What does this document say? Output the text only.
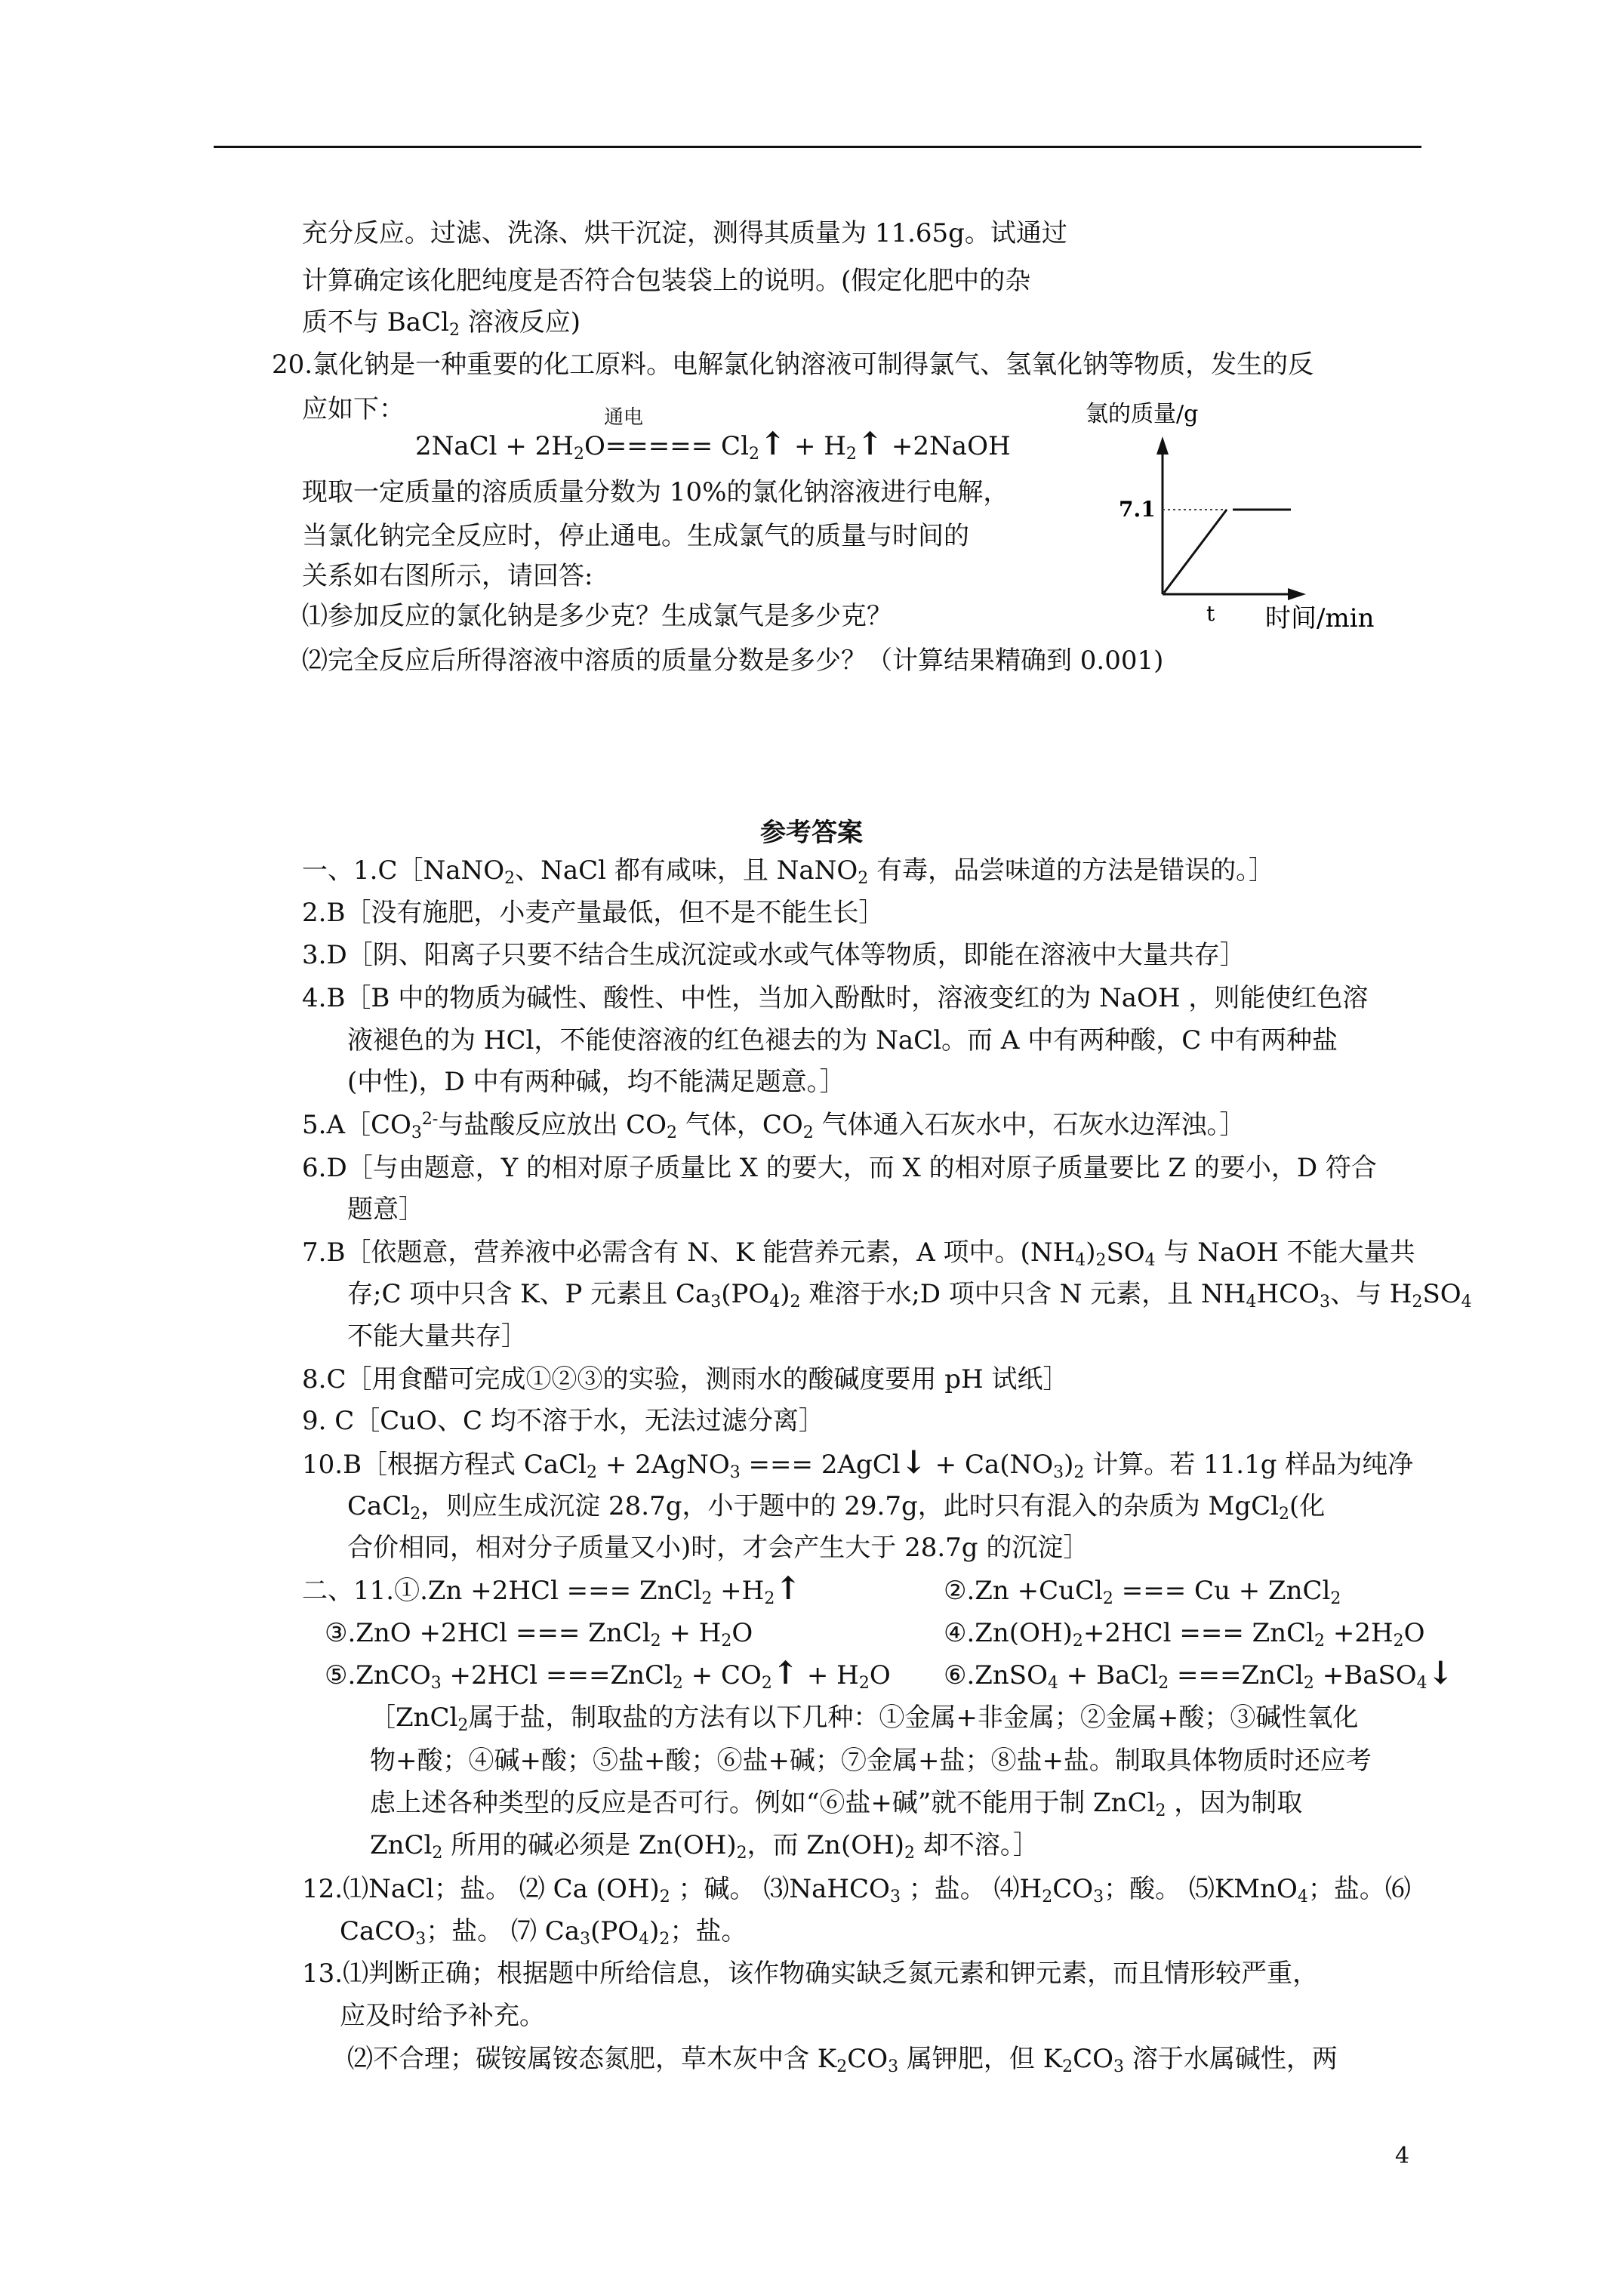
充分反应。过滤、洗涤、烘干沉淀，测得其质量为 11.65g。试通过
计算确定该化肥纯度是否符合包装袋上的说明。(假定化肥中的杂
质不与 BaCl$_2$ 溶液反应)
20.氯化钠是一种重要的化工原料。电解氯化钠溶液可制得氯气、氢氧化钠等物质，发生的反
应如下：	通电
2NaCl + $2H_2O=====$ $Cl_2↑$ + $H_2↑$ +2NaOH
现取一定质量的溶质质量分数为 10%的氯化钠溶液进行电解，
当氯化钠完全反应时，停止通电。生成氯气的质量与时间的
关系如右图所示，请回答:
⑴参加反应的氯化钠是多少克？生成氯气是多少克？
⑵完全反应后所得溶液中溶质的质量分数是多少？（计算结果精确到 0.001)
氯的质量/g
7.1
t 时间/min
参考答案
一、1.C［NaNO$_2$、NaCl 都有咸味，且 NaNO$_2$ 有毒，品尝味道的方法是错误的。］
2.B［没有施肥，小麦产量最低，但不是不能生长］
3.D［阴、阳离子只要不结合生成沉淀或水或气体等物质，即能在溶液中大量共存］
4.B［B 中的物质为碱性、酸性、中性，当加入酚酞时，溶液变红的为 NaOH ，则能使红色溶
液褪色的为 HCl，不能使溶液的红色褪去的为 NaCl。而 A 中有两种酸，C 中有两种盐
(中性)，D 中有两种碱，均不能满足题意。］
$5.A[CO_3^{2-}$与盐酸反应放出 $CO_2$ 气体，$CO_2$ 气体通入石灰水中，石灰水边浑浊。］
6.D［与由题意，Y 的相对原子质量比 X 的要大，而 X 的相对原子质量要比 Z 的要小，D 符合
题意］
7.B［依题意，营养液中必需含有 N、K 能营养元素，A 项中。$(NH_4)_2SO_4$ 与 NaOH 不能大量共
存;C 项中只含 K、P 元素且 $Ca_3(PO_4)_2$ 难溶于水;D 项中只含 N 元素，且 $NH_4HCO_3$、与 $H_2SO_4$
不能大量共存］
8.C［用食醋可完成①②③的实验，测雨水的酸碱度要用 pH 试纸］
9. C［CuO、C 均不溶于水，无法过滤分离］
10.B［根据方程式 CaCl$_2$ + 2AgNO$_3$ === 2AgCl↓ + $Ca(NO_3)_2$ 计算。若 11.1g 样品为纯净
CaCl$_2$，则应生成沉淀 28.7g，小于题中的 29.7g，此时只有混入的杂质为 MgCl$_2$(化
合价相同，相对分子质量又小)时，才会产生大于 28.7g 的沉淀］
二、11.①.Zn +2HCl === ZnCl$_2$ $+H_2↑$	②.Zn +CuCl$_2$ === Cu + ZnCl$_2$
③.ZnO +2HCl === ZnCl$_2$ + $H_2O$	$④.Zn(OH)_2+2HCl$ === ZnCl$_2$ $+2H_2O$
⑤.ZnCO$_3$ +2HCl ===ZnCl$_2$ + $CO_2↑ + H_2O$ ⑥.ZnSO$_4$ + BaCl$_2$ ===ZnCl$_2$ +BaSO$_4$↓
［ZnCl$_2$属于盐，制取盐的方法有以下几种：①金属+非金属；②金属+酸；③碱性氧化
物+酸；④碱+酸；⑤盐+酸；⑥盐+碱；⑦金属+盐；⑧盐+盐。制取具体物质时还应考
虑上述各种类型的反应是否可行。例如“⑥盐+碱”就不能用于制 ZnCl$_2$ ，因为制取
ZnCl$_2$ 所用的碱必须是 $Zn(OH)_2$，而 $Zn(OH)_2$ 却不溶。］
12.⑴NaCl；盐。 ⑵ Ca $(OH)_2$ ；碱。 ⑶NaHCO$_3$ ；盐。 $⑷H_2CO_3$；酸。 ⑸KMnO$_4$；盐。⑹
CaCO$_3$；盐。 ⑺ $Ca_3(PO_4)_2$；盐。
13.⑴判断正确；根据题中所给信息，该作物确实缺乏氮元素和钾元素，而且情形较严重，
应及时给予补充。
⑵不合理；碳铵属铵态氮肥，草木灰中含 $K_2CO_3$ 属钾肥，但 $K_2CO_3$ 溶于水属碱性，两
4
